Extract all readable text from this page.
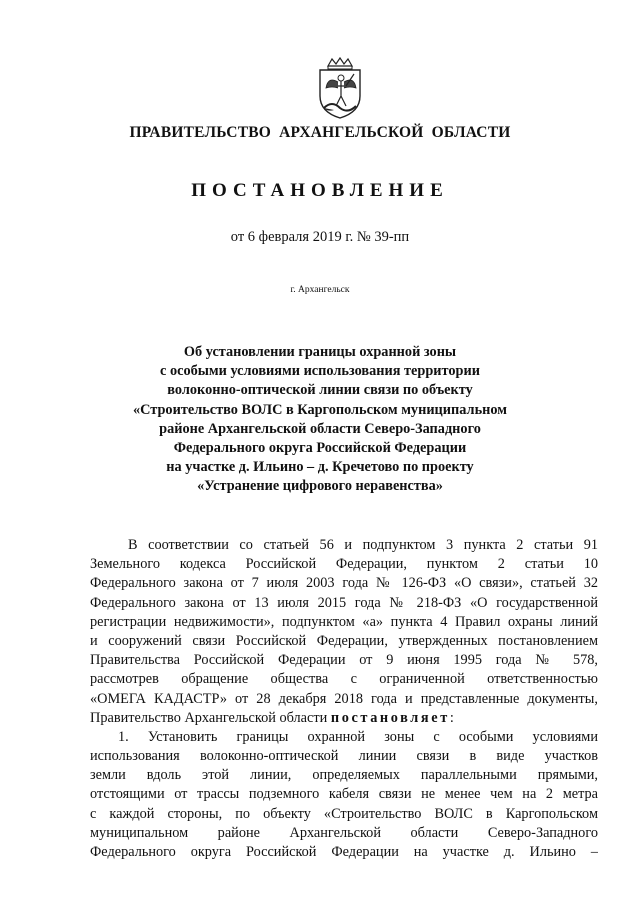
ПРАВИТЕЛЬСТВО АРХАНГЕЛЬСКОЙ ОБЛАСТИ
ПОСТАНОВЛЕНИЕ
от 6 февраля 2019 г. № 39-пп
г. Архангельск
Об установлении границы охранной зоны
с особыми условиями использования территории
волоконно-оптической линии связи по объекту
«Строительство ВОЛС в Каргопольском муниципальном
районе Архангельской области Северо-Западного
Федерального округа Российской Федерации
на участке д. Ильино – д. Кречетово по проекту
«Устранение цифрового неравенства»
В соответствии со статьей 56 и подпунктом 3 пункта 2 статьи 91
Земельного кодекса Российской Федерации, пунктом 2 статьи 10
Федерального закона от 7 июля 2003 года № 126-ФЗ «О связи», статьей 32
Федерального закона от 13 июля 2015 года № 218-ФЗ «О государственной
регистрации недвижимости», подпунктом «а» пункта 4 Правил охраны линий
и сооружений связи Российской Федерации, утвержденных постановлением
Правительства Российской Федерации от 9 июня 1995 года № 578,
рассмотрев обращение общества с ограниченной ответственностью
«ОМЕГА КАДАСТР» от 28 декабря 2018 года и представленные документы,
Правительство Архангельской области постановляет:
1. Установить границы охранной зоны с особыми условиями
использования волоконно-оптической линии связи в виде участков
земли вдоль этой линии, определяемых параллельными прямыми,
отстоящими от трассы подземного кабеля связи не менее чем на 2 метра
с каждой стороны, по объекту «Строительство ВОЛС в Каргопольском
муниципальном районе Архангельской области Северо-Западного
Федерального округа Российской Федерации на участке д. Ильино –
